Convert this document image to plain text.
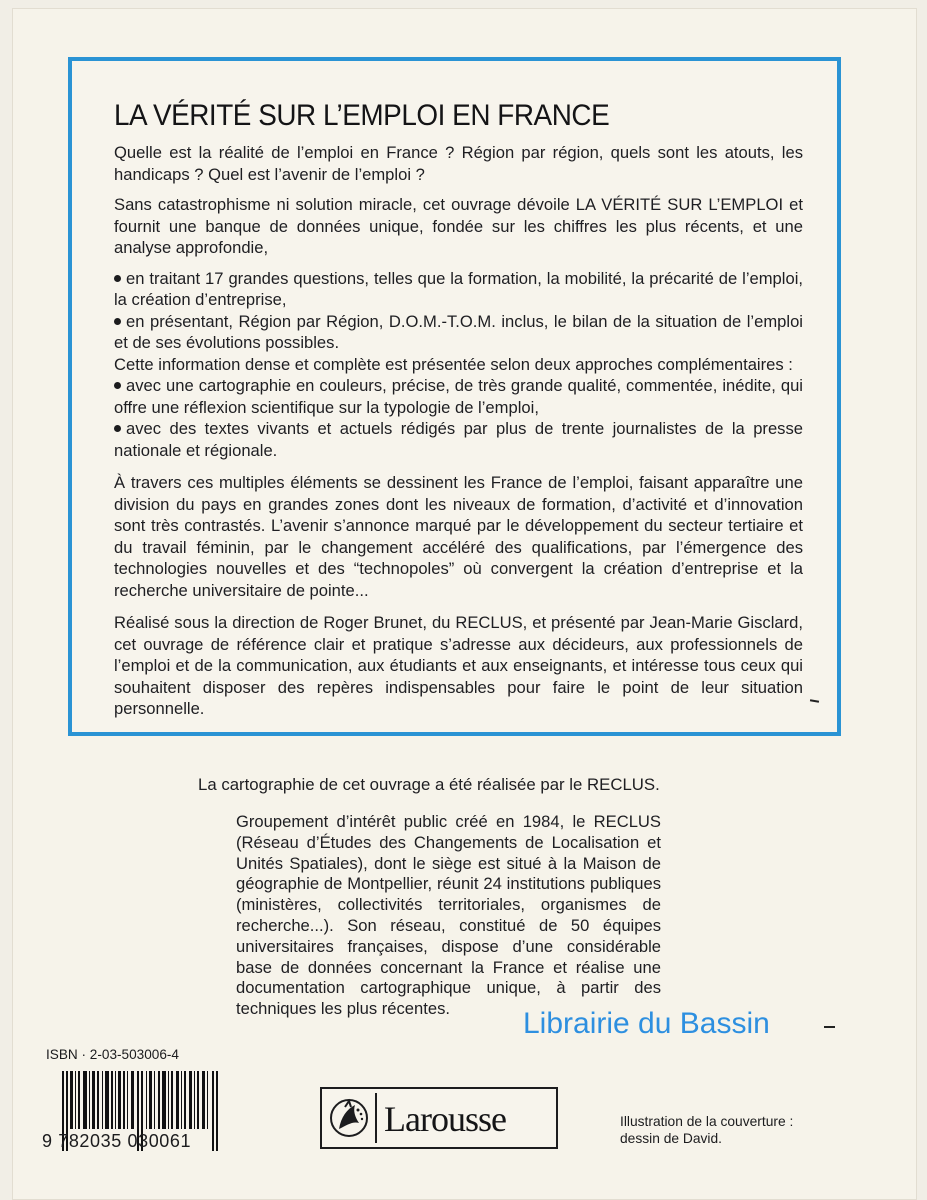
LA VÉRITÉ SUR L’EMPLOI EN FRANCE

Quelle est la réalité de l’emploi en France ? Région par région, quels sont les atouts, les handicaps ? Quel est l’avenir de l’emploi ?

Sans catastrophisme ni solution miracle, cet ouvrage dévoile LA VÉRITÉ SUR L’EMPLOI et fournit une banque de données unique, fondée sur les chiffres les plus récents, et une analyse approfondie,

en traitant 17 grandes questions, telles que la formation, la mobilité, la précarité de l’emploi, la création d’entreprise,

en présentant, Région par Région, D.O.M.-T.O.M. inclus, le bilan de la situation de l’emploi et de ses évolutions possibles.

Cette information dense et complète est présentée selon deux approches complémentaires :

avec une cartographie en couleurs, précise, de très grande qualité, commentée, inédite, qui offre une réflexion scientifique sur la typologie de l’emploi,

avec des textes vivants et actuels rédigés par plus de trente journalistes de la presse nationale et régionale.

À travers ces multiples éléments se dessinent les France de l’emploi, faisant apparaître une division du pays en grandes zones dont les niveaux de formation, d’activité et d’innovation sont très contrastés. L’avenir s’annonce marqué par le développement du secteur tertiaire et du travail féminin, par le changement accéléré des qualifications, par l’émergence des technologies nouvelles et des “technopoles” où convergent la création d’entreprise et la recherche universitaire de pointe...

Réalisé sous la direction de Roger Brunet, du RECLUS, et présenté par Jean-Marie Gisclard, cet ouvrage de référence clair et pratique s’adresse aux décideurs, aux professionnels de l’emploi et de la communication, aux étudiants et aux enseignants, et intéresse tous ceux qui souhaitent disposer des repères indispensables pour faire le point de leur situation personnelle.

La cartographie de cet ouvrage a été réalisée par le RECLUS.

Groupement d’intérêt public créé en 1984, le RECLUS (Réseau d’Études des Changements de Localisation et Unités Spatiales), dont le siège est situé à la Maison de géographie de Montpellier, réunit 24 institutions publiques (ministères, collectivités territoriales, organismes de recherche...). Son réseau, constitué de 50 équipes universitaires françaises, dispose d’une considérable base de données concernant la France et réalise une documentation cartographique unique, à partir des techniques les plus récentes.	Librairie du Bassin
ISBN · 2-03-503006-4
9 782035 030061
Larousse	Illustration de la couverture :
dessin de David.
